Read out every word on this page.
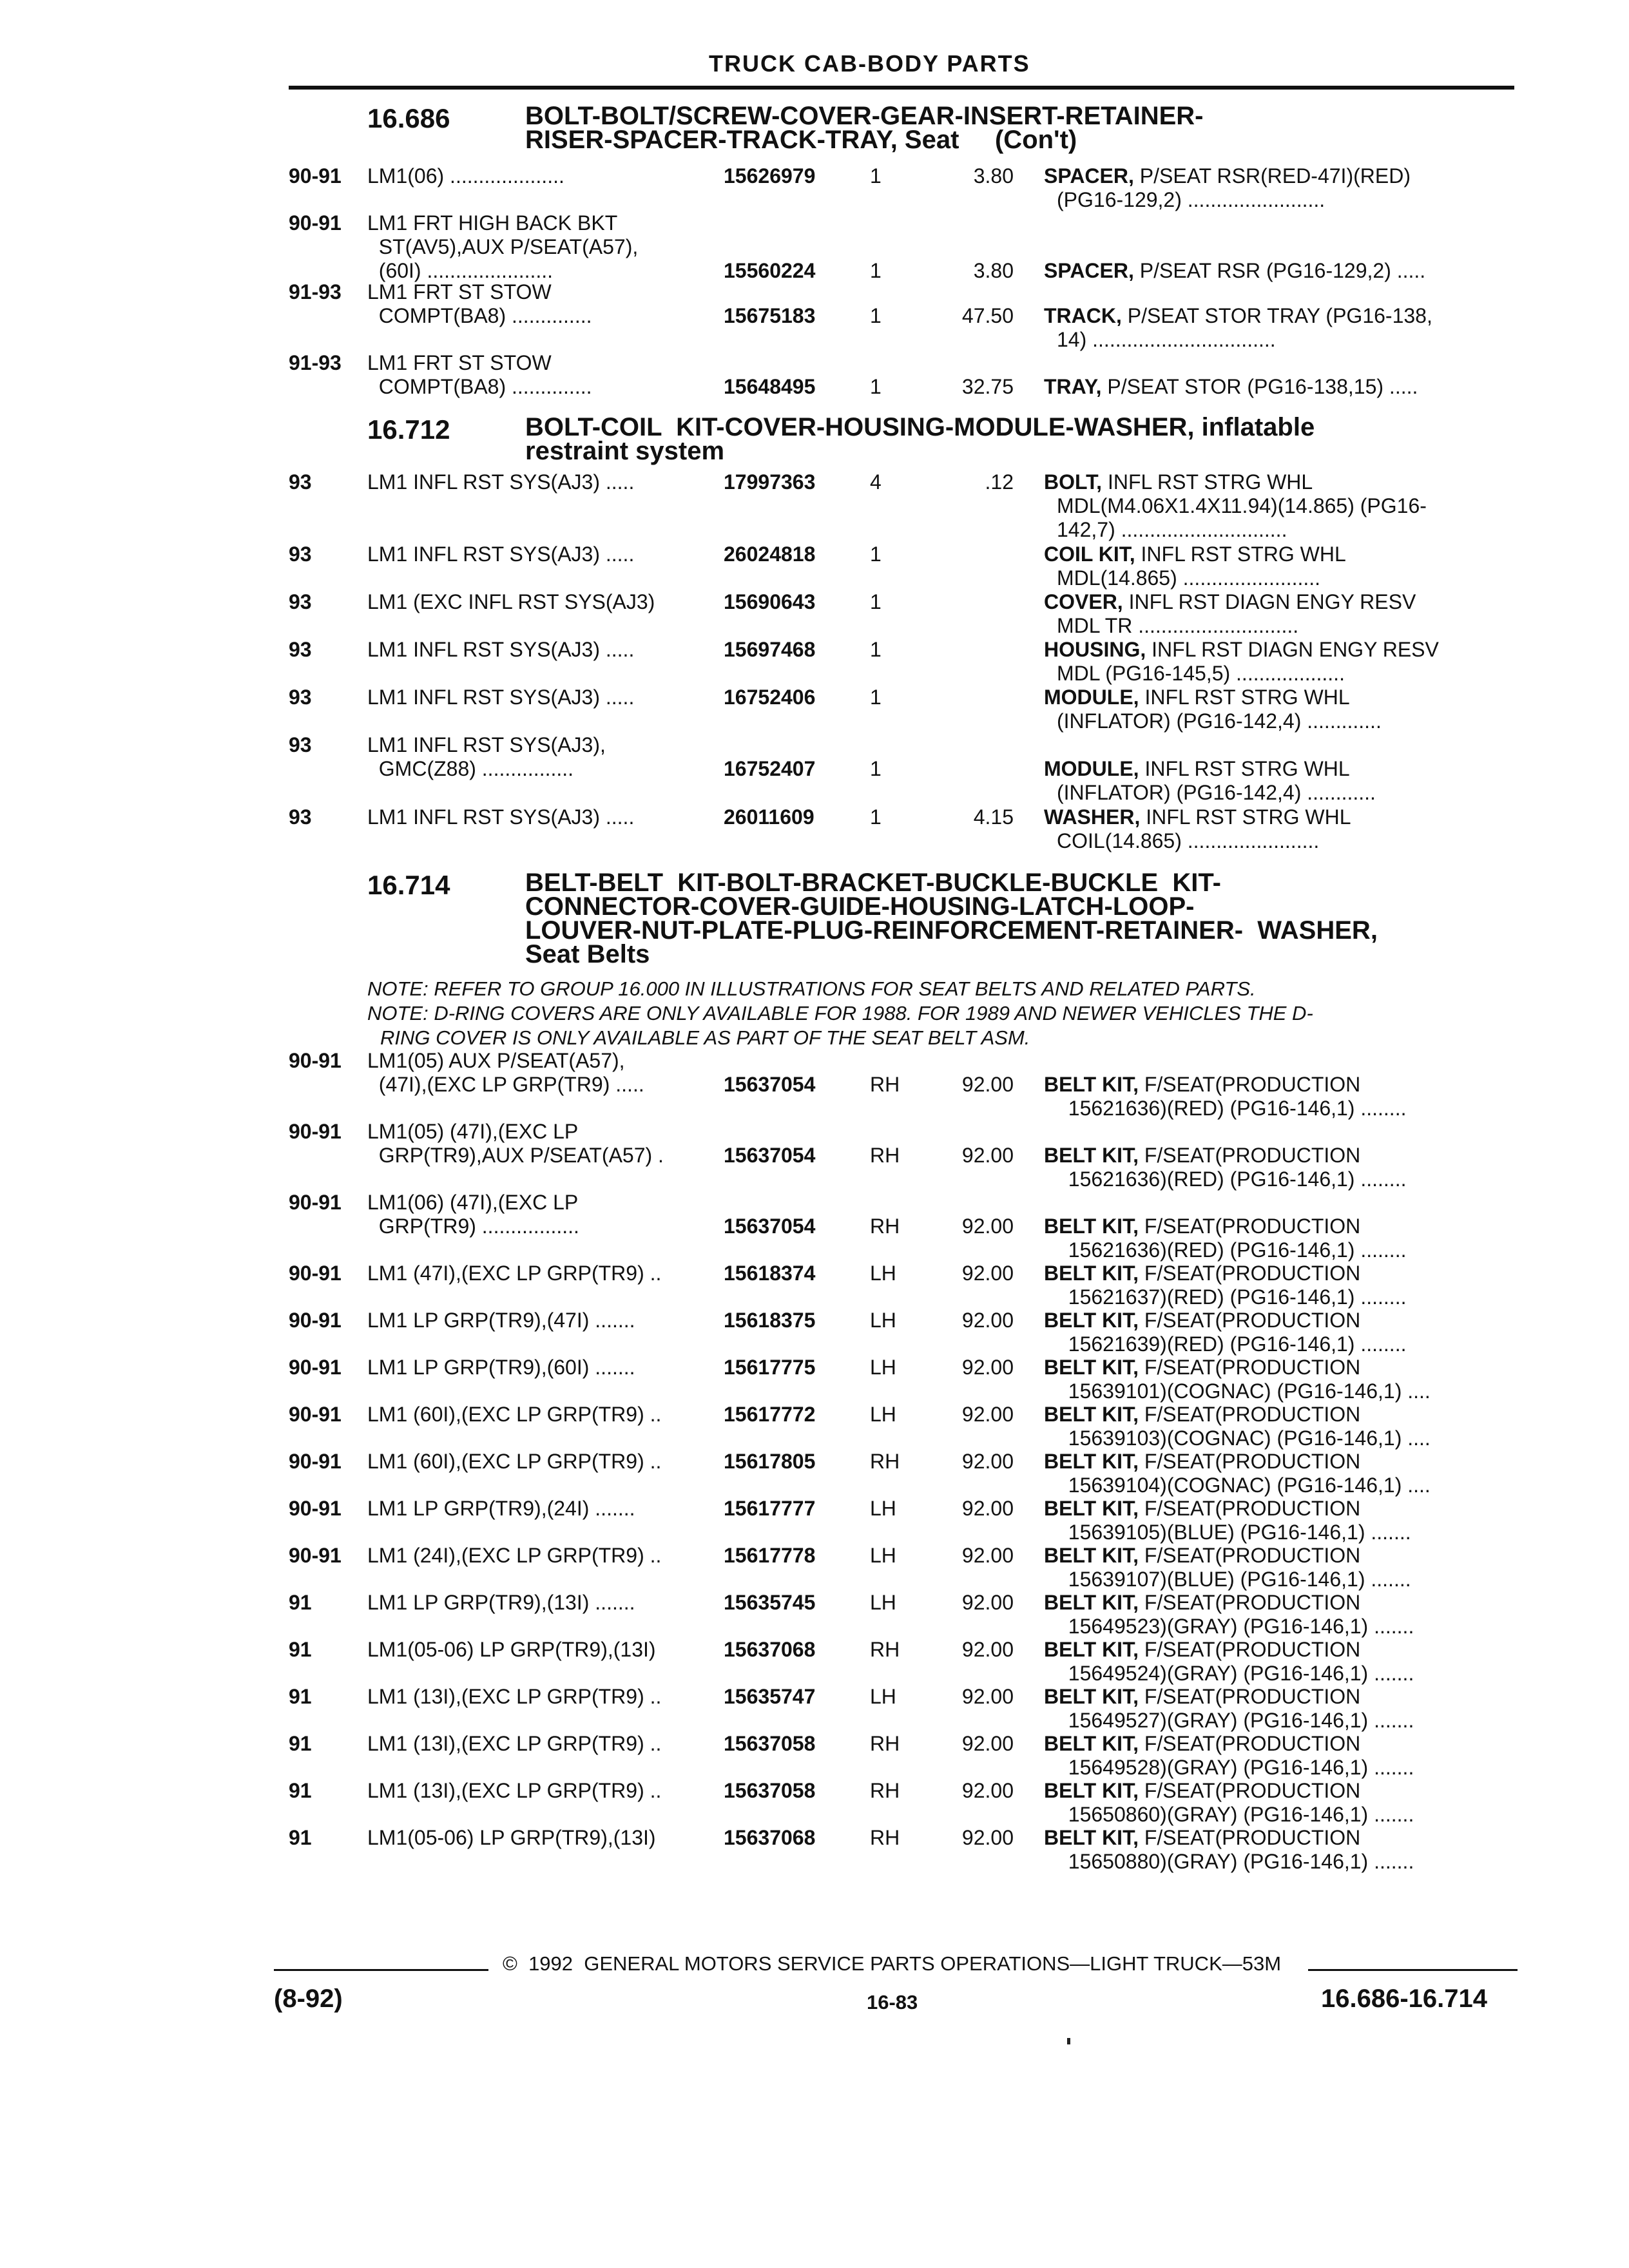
TRUCK CAB-BODY PARTS
16.686	BOLT-BOLT/SCREW-COVER-GEAR-INSERT-RETAINER-
RISER-SPACER-TRACK-TRAY, Seat     (Con't)
90-91 LM1(06) ....................	15626979	1	3.80 SPACER, P/SEAT RSR(RED-47I)(RED)
(PG16-129,2) ........................
90-91 LM1 FRT HIGH BACK BKT
ST(AV5),AUX P/SEAT(A57),
(60I) ......................	15560224	1	3.80 SPACER, P/SEAT RSR (PG16-129,2) .....
91-93 LM1 FRT ST STOW
COMPT(BA8) ..............	15675183	1	47.50 TRACK, P/SEAT STOR TRAY (PG16-138,
14) ................................
91-93 LM1 FRT ST STOW
COMPT(BA8) ..............	15648495	1	32.75 TRAY, P/SEAT STOR (PG16-138,15) .....
16.712	BOLT-COIL  KIT-COVER-HOUSING-MODULE-WASHER, inflatable
restraint system
93	LM1 INFL RST SYS(AJ3) .....	17997363	4	.12 BOLT, INFL RST STRG WHL
MDL(M4.06X1.4X11.94)(14.865) (PG16-
142,7) .............................
93	LM1 INFL RST SYS(AJ3) .....	26024818	1	COIL KIT, INFL RST STRG WHL
MDL(14.865) ........................
93	LM1 (EXC INFL RST SYS(AJ3)	15690643	1	COVER, INFL RST DIAGN ENGY RESV
MDL TR ............................
93	LM1 INFL RST SYS(AJ3) .....	15697468	1	HOUSING, INFL RST DIAGN ENGY RESV
MDL (PG16-145,5) ...................
93	LM1 INFL RST SYS(AJ3) .....	16752406	1	MODULE, INFL RST STRG WHL
(INFLATOR) (PG16-142,4) .............
93	LM1 INFL RST SYS(AJ3),
GMC(Z88) ................	16752407	1	MODULE, INFL RST STRG WHL
(INFLATOR) (PG16-142,4) ............
93	LM1 INFL RST SYS(AJ3) .....	26011609	1	4.15 WASHER, INFL RST STRG WHL
COIL(14.865) .......................
16.714	BELT-BELT  KIT-BOLT-BRACKET-BUCKLE-BUCKLE  KIT-
CONNECTOR-COVER-GUIDE-HOUSING-LATCH-LOOP-
LOUVER-NUT-PLATE-PLUG-REINFORCEMENT-RETAINER-  WASHER,
Seat Belts
NOTE: REFER TO GROUP 16.000 IN ILLUSTRATIONS FOR SEAT BELTS AND RELATED PARTS.
NOTE: D-RING COVERS ARE ONLY AVAILABLE FOR 1988. FOR 1989 AND NEWER VEHICLES THE D-
RING COVER IS ONLY AVAILABLE AS PART OF THE SEAT BELT ASM.
90-91 LM1(05) AUX P/SEAT(A57),
(47I),(EXC LP GRP(TR9) .....	15637054	RH	92.00 BELT KIT, F/SEAT(PRODUCTION
15621636)(RED) (PG16-146,1) ........
90-91 LM1(05) (47I),(EXC LP
GRP(TR9),AUX P/SEAT(A57) .	15637054	RH	92.00 BELT KIT, F/SEAT(PRODUCTION
15621636)(RED) (PG16-146,1) ........
90-91 LM1(06) (47I),(EXC LP
GRP(TR9) .................	15637054	RH	92.00 BELT KIT, F/SEAT(PRODUCTION
15621636)(RED) (PG16-146,1) ........
90-91 LM1 (47I),(EXC LP GRP(TR9) ..	15618374	LH	92.00 BELT KIT, F/SEAT(PRODUCTION
15621637)(RED) (PG16-146,1) ........
90-91 LM1 LP GRP(TR9),(47I) .......	15618375	LH	92.00 BELT KIT, F/SEAT(PRODUCTION
15621639)(RED) (PG16-146,1) ........
90-91 LM1 LP GRP(TR9),(60I) .......	15617775	LH	92.00 BELT KIT, F/SEAT(PRODUCTION
15639101)(COGNAC) (PG16-146,1) ....
90-91 LM1 (60I),(EXC LP GRP(TR9) ..	15617772	LH	92.00 BELT KIT, F/SEAT(PRODUCTION
15639103)(COGNAC) (PG16-146,1) ....
90-91 LM1 (60I),(EXC LP GRP(TR9) ..	15617805	RH	92.00 BELT KIT, F/SEAT(PRODUCTION
15639104)(COGNAC) (PG16-146,1) ....
90-91 LM1 LP GRP(TR9),(24I) .......	15617777	LH	92.00 BELT KIT, F/SEAT(PRODUCTION
15639105)(BLUE) (PG16-146,1) .......
90-91 LM1 (24I),(EXC LP GRP(TR9) ..	15617778	LH	92.00 BELT KIT, F/SEAT(PRODUCTION
15639107)(BLUE) (PG16-146,1) .......
91	LM1 LP GRP(TR9),(13I) .......	15635745	LH	92.00 BELT KIT, F/SEAT(PRODUCTION
15649523)(GRAY) (PG16-146,1) .......
91	LM1(05-06) LP GRP(TR9),(13I)	15637068	RH	92.00 BELT KIT, F/SEAT(PRODUCTION
15649524)(GRAY) (PG16-146,1) .......
91	LM1 (13I),(EXC LP GRP(TR9) ..	15635747	LH	92.00 BELT KIT, F/SEAT(PRODUCTION
15649527)(GRAY) (PG16-146,1) .......
91	LM1 (13I),(EXC LP GRP(TR9) ..	15637058	RH	92.00 BELT KIT, F/SEAT(PRODUCTION
15649528)(GRAY) (PG16-146,1) .......
91	LM1 (13I),(EXC LP GRP(TR9) ..	15637058	RH	92.00 BELT KIT, F/SEAT(PRODUCTION
15650860)(GRAY) (PG16-146,1) .......
91	LM1(05-06) LP GRP(TR9),(13I)	15637068	RH	92.00 BELT KIT, F/SEAT(PRODUCTION
15650880)(GRAY) (PG16-146,1) .......
©  1992  GENERAL MOTORS SERVICE PARTS OPERATIONS—LIGHT TRUCK—53M
(8-92)	16-83	16.686-16.714
